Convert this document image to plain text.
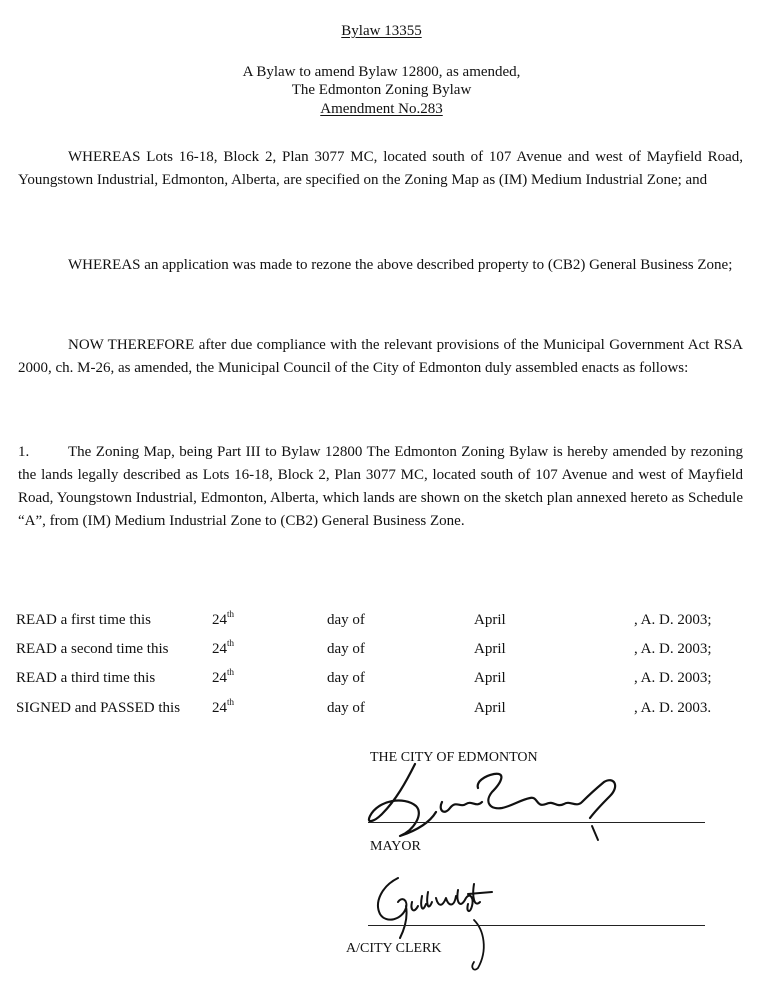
Bylaw 13355
A Bylaw to amend Bylaw 12800, as amended,
The Edmonton Zoning Bylaw
Amendment No.283

WHEREAS Lots 16-18, Block 2, Plan 3077 MC, located south of 107 Avenue and west of Mayfield Road, Youngstown Industrial, Edmonton, Alberta, are specified on the Zoning Map as (IM) Medium Industrial Zone; and

WHEREAS an application was made to rezone the above described property to (CB2) General Business Zone;

NOW THEREFORE after due compliance with the relevant provisions of the Municipal Government Act RSA 2000, ch. M-26, as amended, the Municipal Council of the City of Edmonton duly assembled enacts as follows:

1.	The Zoning Map, being Part III to Bylaw 12800 The Edmonton Zoning Bylaw is hereby amended by rezoning the lands legally described as Lots 16-18, Block 2, Plan 3077 MC, located south of 107 Avenue and west of Mayfield Road, Youngstown Industrial, Edmonton, Alberta, which lands are shown on the sketch plan annexed hereto as Schedule “A”, from (IM) Medium Industrial Zone to (CB2) General Business Zone.

READ a first time this	24th	day of	April	, A. D. 2003;
READ a second time this	24th	day of	April	, A. D. 2003;
READ a third time this	24th	day of	April	, A. D. 2003;
SIGNED and PASSED this 24th	day of	April	, A. D. 2003.
THE CITY OF EDMONTON
MAYOR
A/CITY CLERK
